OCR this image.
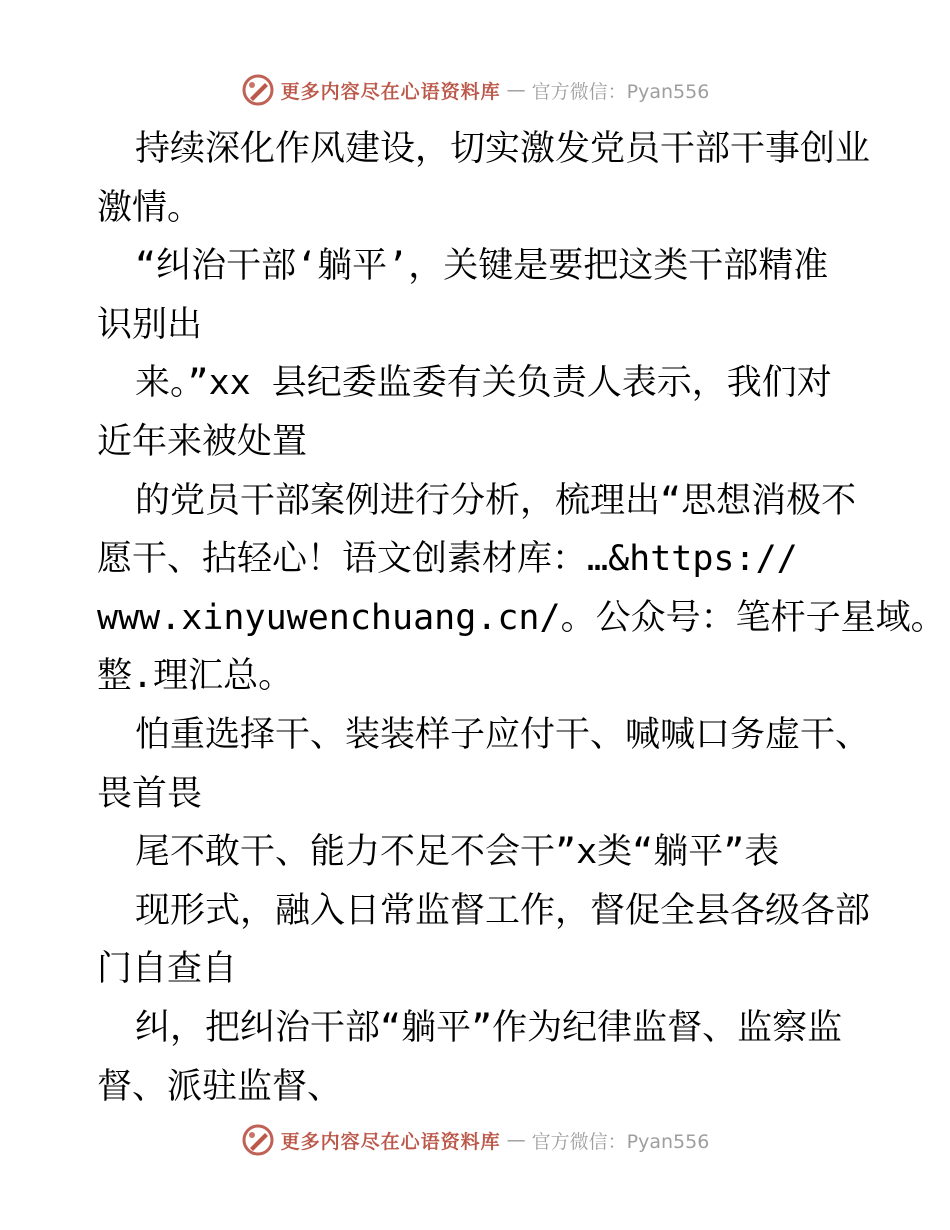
更多内容尽在心语资料库 — 官方微信：Pyan556
持续深化作风建设，切实激发党员干部干事创业
激情。
“纠治干部‘躺平’，关键是要把这类干部精准
识别出
来。”xx 县纪委监委有关负责人表示，我们对
近年来被处置
的党员干部案例进行分析，梳理出“思想消极不
愿干、拈轻心！语文创素材库：…&https://
www.xinyuwenchuang.cn/。公众号：笔杆子星域。
整.理汇总。
怕重选择干、装装样子应付干、喊喊口务虚干、
畏首畏
尾不敢干、能力不足不会干”x类“躺平”表
现形式，融入日常监督工作，督促全县各级各部
门自查自
纠，把纠治干部“躺平”作为纪律监督、监察监
督、派驻监督、
更多内容尽在心语资料库 — 官方微信：Pyan556
